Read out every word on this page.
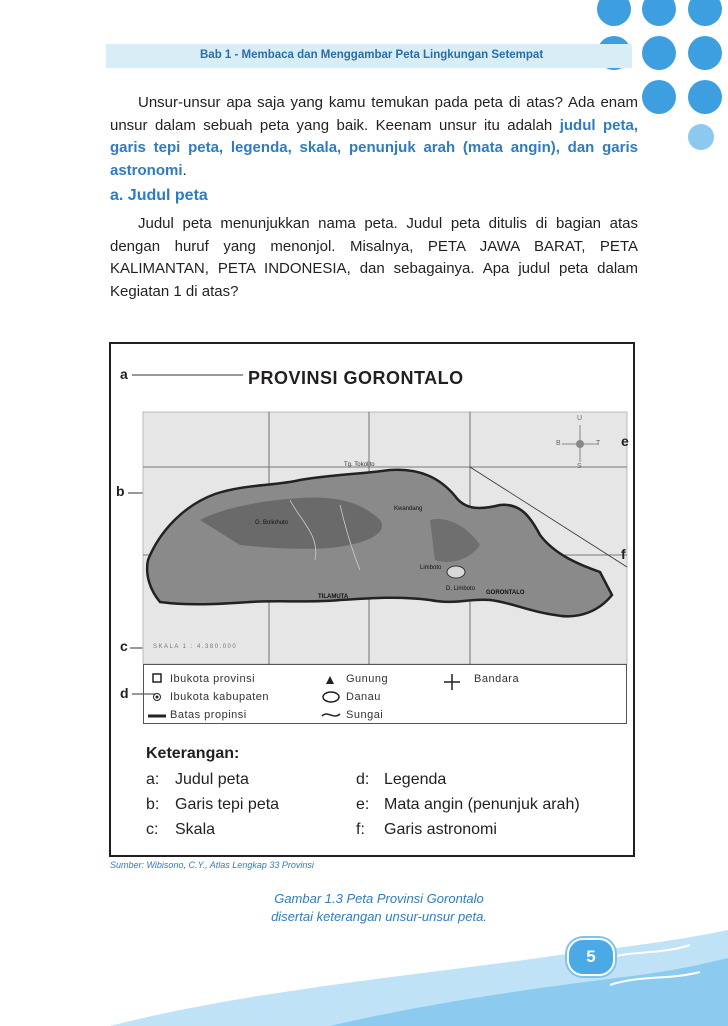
Bab 1 - Membaca dan Menggambar Peta Lingkungan Setempat
Unsur-unsur apa saja yang kamu temukan pada peta di atas? Ada enam unsur dalam sebuah peta yang baik. Keenam unsur itu adalah judul peta, garis tepi peta, legenda, skala, penunjuk arah (mata angin), dan garis astronomi.
a. Judul peta
Judul peta menunjukkan nama peta. Judul peta ditulis di bagian atas dengan huruf yang menonjol. Misalnya, PETA JAWA BARAT, PETA KALIMANTAN, PETA INDONESIA, dan sebagainya. Apa judul peta dalam Kegiatan 1 di atas?
PROVINSI GORONTALO
a
b
c
d
e
f
U
S
B	T
Tg. Tokolito
GORONTALO
Limboto
TILAMUTA
Kwandang
G. Boliohuto
D. Limboto
SKALA 1 : 4.380.000
Ibukota provinsi
Ibukota kabupaten
Batas propinsi
Gunung
Danau
Sungai
Bandara
Keterangan:
a: Judul peta
b: Garis tepi peta
c: Skala
d: Legenda
e: Mata angin (penunjuk arah)
f: Garis astronomi
Sumber: Wibisono, C.Y., Atlas Lengkap 33 Provinsi
Gambar 1.3 Peta Provinsi Gorontalo
disertai keterangan unsur-unsur peta.
5
